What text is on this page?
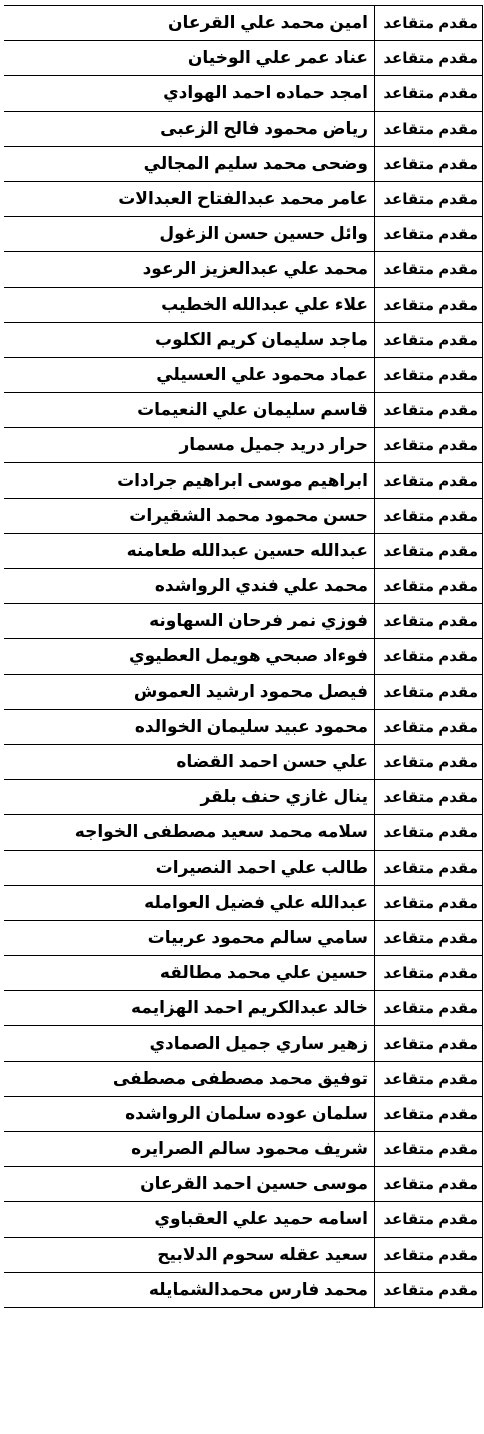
مقدم متقاعد	امين محمد علي القرعان
مقدم متقاعد	عناد عمر علي الوخيان
مقدم متقاعد	امجد حماده احمد الهوادي
مقدم متقاعد	رياض محمود فالح الزعبى
مقدم متقاعد	وضحى محمد سليم المجالي
مقدم متقاعد	عامر محمد عبدالفتاح العبدالات
مقدم متقاعد	وائل حسين حسن الزغول
مقدم متقاعد	محمد علي عبدالعزيز الرعود
مقدم متقاعد	علاء علي عبدالله الخطيب
مقدم متقاعد	ماجد سليمان كريم الكلوب
مقدم متقاعد	عماد محمود علي العسيلي
مقدم متقاعد	قاسم سليمان علي النعيمات
مقدم متقاعد	حرار دريد جميل مسمار
مقدم متقاعد	ابراهيم موسى ابراهيم جرادات
مقدم متقاعد	حسن محمود محمد الشقيرات
مقدم متقاعد	عبدالله حسين عبدالله طعامنه
مقدم متقاعد	محمد علي فندي الرواشده
مقدم متقاعد	فوزي نمر فرحان السهاونه
مقدم متقاعد	فوءاد صبحي هويمل العطيوي
مقدم متقاعد	فيصل محمود ارشيد العموش
مقدم متقاعد	محمود عبيد سليمان الخوالده
مقدم متقاعد	علي حسن احمد القضاه
مقدم متقاعد	ينال غازي حنف بلقر
مقدم متقاعد	سلامه محمد سعيد مصطفى الخواجه
مقدم متقاعد	طالب علي احمد النصيرات
مقدم متقاعد	عبدالله علي فضيل العوامله
مقدم متقاعد	سامي سالم محمود عربيات
مقدم متقاعد	حسين علي محمد مطالقه
مقدم متقاعد	خالد عبدالكريم احمد الهزايمه
مقدم متقاعد	زهير ساري جميل الصمادي
مقدم متقاعد	توفيق محمد مصطفى مصطفى
مقدم متقاعد	سلمان عوده سلمان الرواشده
مقدم متقاعد	شريف محمود سالم الصرايره
مقدم متقاعد	موسى حسين احمد القرعان
مقدم متقاعد	اسامه حميد علي العقباوي
مقدم متقاعد	سعيد عقله سحوم الدلابيح
مقدم متقاعد	محمد فارس محمدالشمايله
